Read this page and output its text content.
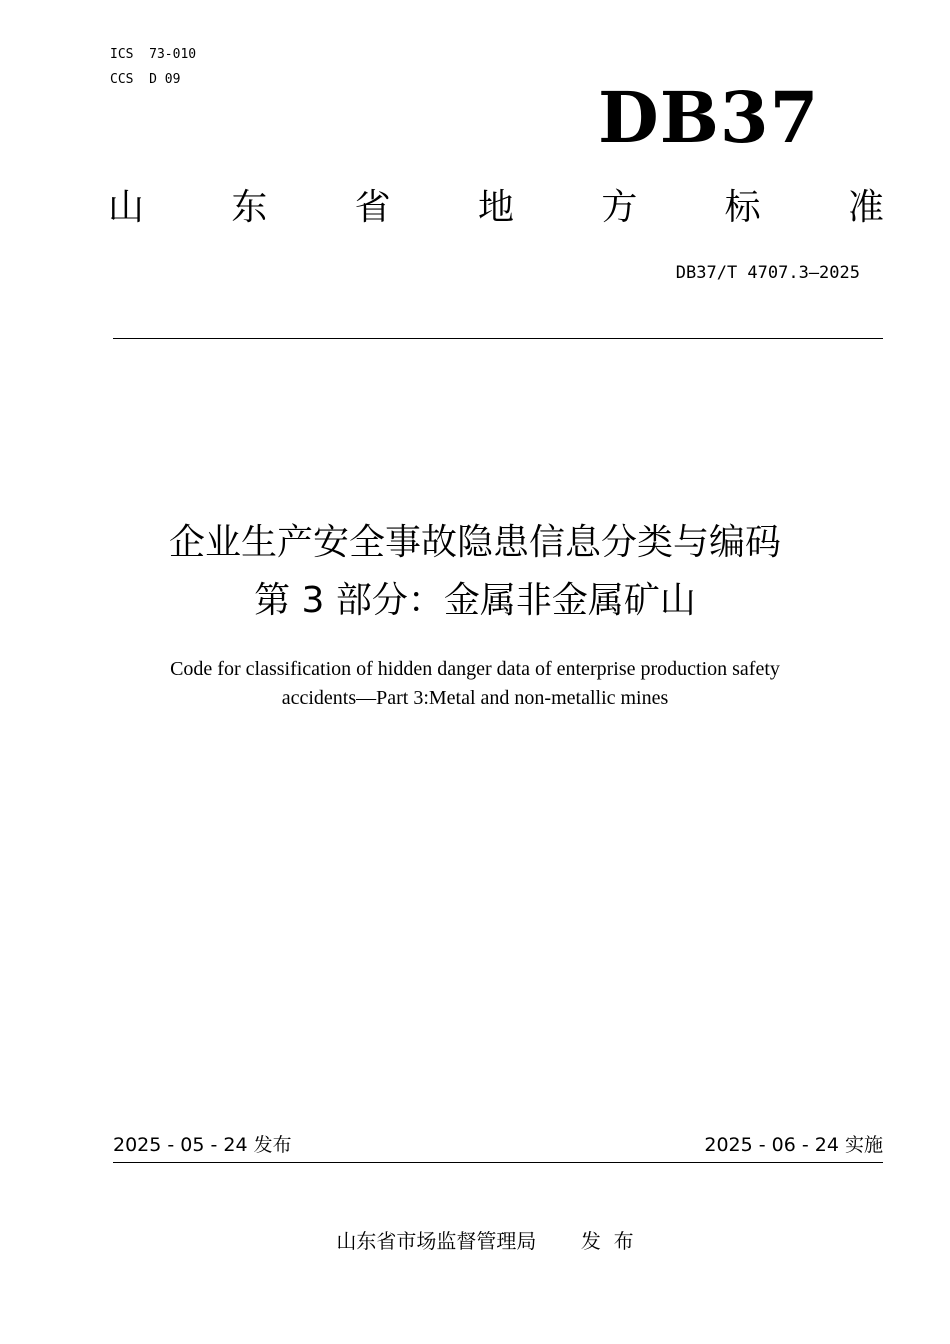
ICS  73-010
CCS  D 09	DB37
山 东 省 地 方 标 准
DB37/T 4707.3—2025
企业生产安全事故隐患信息分类与编码
第 3 部分：金属非金属矿山
Code for classification of hidden danger data of enterprise production safety
accidents—Part 3:Metal and non-metallic mines
2025 - 05 - 24 发布	2025 - 06 - 24 实施
山东省市场监督管理局       发  布
